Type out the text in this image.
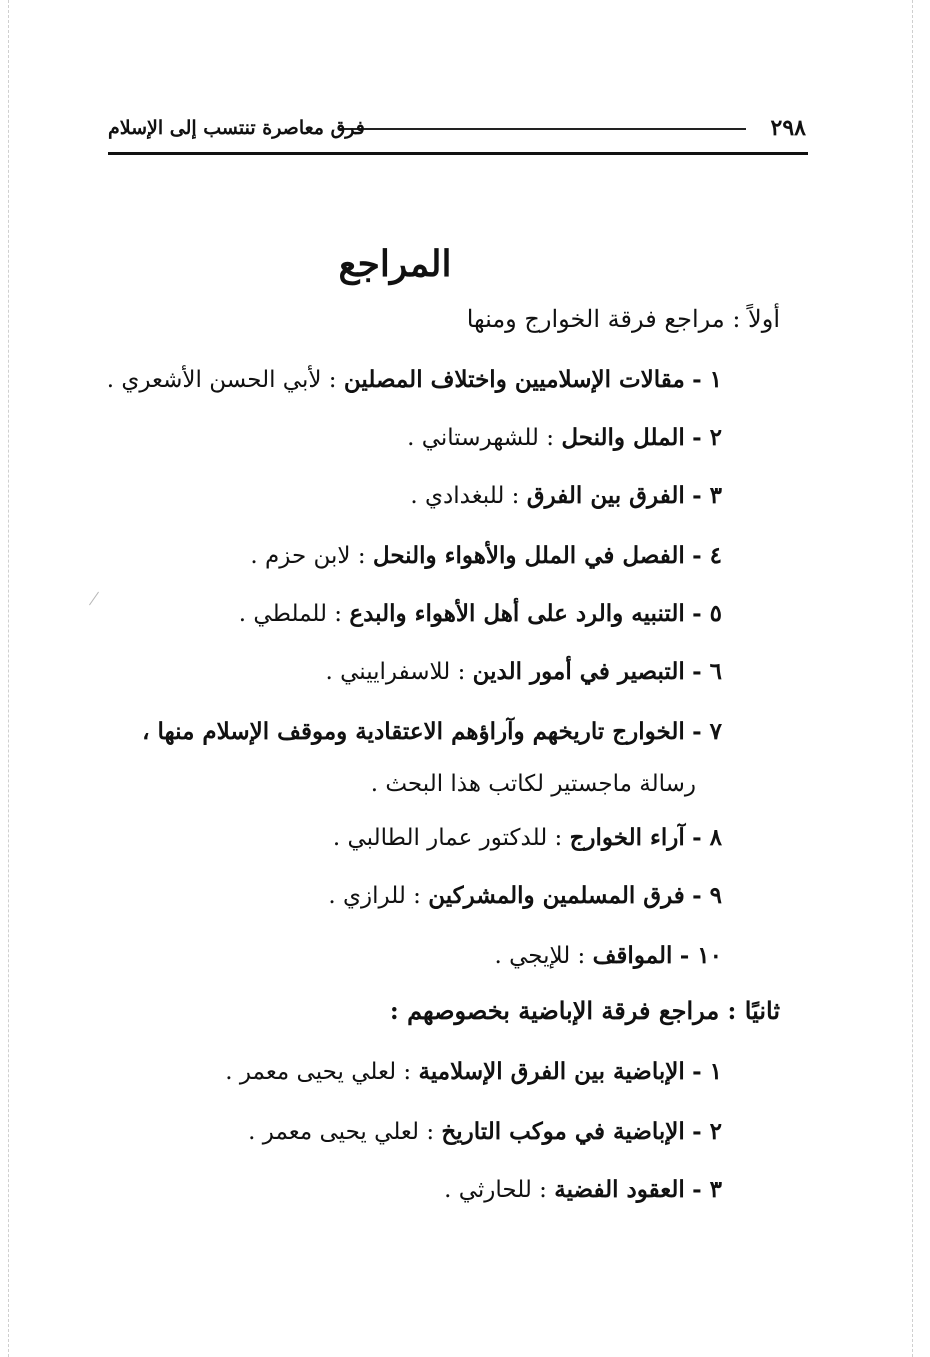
٢٩٨
فرق معاصرة تنتسب إلى الإسلام
المراجع
أولاً : مراجع فرقة الخوارج ومنها
١ - مقالات الإسلاميين واختلاف المصلين : لأبي الحسن الأشعري .
٢ - الملل والنحل : للشهرستاني .
٣ - الفرق بين الفرق : للبغدادي .
٤ - الفصل في الملل والأهواء والنحل : لابن حزم .
٥ - التنبيه والرد على أهل الأهواء والبدع : للملطي .
٦ - التبصير في أمور الدين : للاسفراييني .
٧ - الخوارج تاريخهم وآراؤهم الاعتقادية وموقف الإسلام منها ،
رسالة ماجستير لكاتب هذا البحث .
٨ - آراء الخوارج : للدكتور عمار الطالبي .
٩ - فرق المسلمين والمشركين : للرازي .
١٠ - المواقف : للإيجي .
ثانيًا : مراجع فرقة الإباضية بخصوصهم :
١ - الإباضية بين الفرق الإسلامية : لعلي يحيى معمر .
٢ - الإباضية في موكب التاريخ : لعلي يحيى معمر .
٣ - العقود الفضية : للحارثي .
